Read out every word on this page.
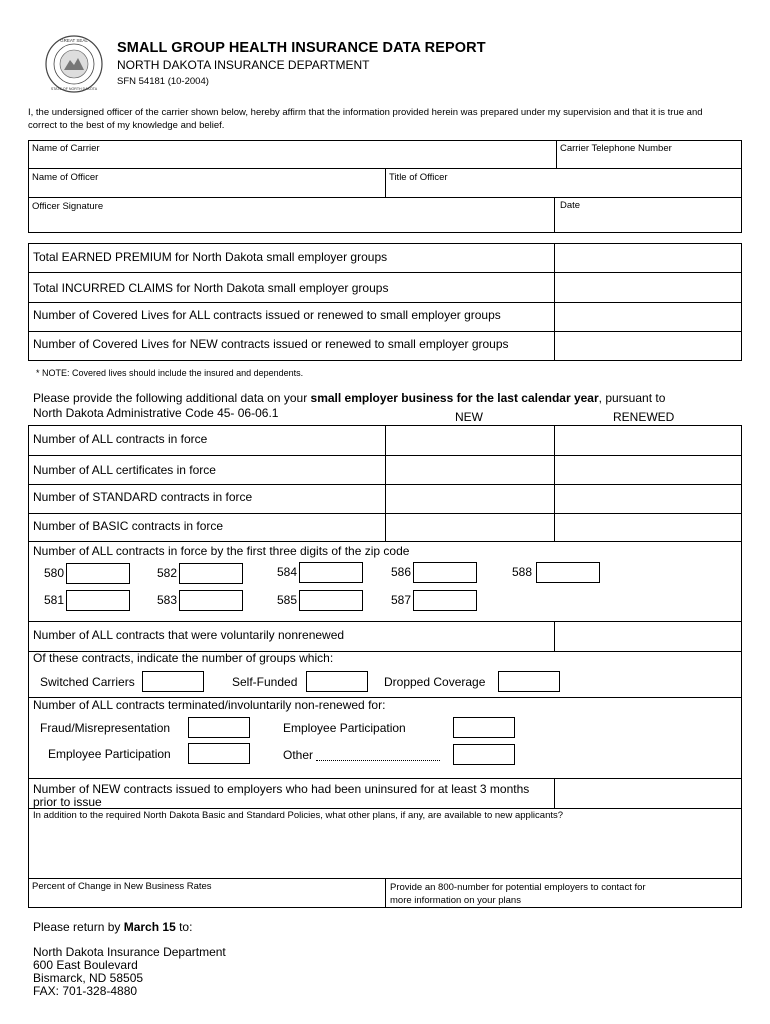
GREAT SEAL
STATE OF NORTH DAKOTA
SMALL GROUP HEALTH INSURANCE DATA REPORT
NORTH DAKOTA INSURANCE DEPARTMENT
SFN 54181 (10-2004)
I, the undersigned officer of the carrier shown below, hereby affirm that the information provided herein was prepared under my supervision and that it is true and correct to the best of my knowledge and belief.
Name of Carrier	Carrier Telephone Number
Name of Officer	Title of Officer
Officer Signature	Date
Total EARNED PREMIUM for North Dakota small employer groups
Total INCURRED CLAIMS for North Dakota small employer groups
Number of Covered Lives for ALL contracts issued or renewed to small employer groups
Number of Covered Lives for NEW contracts issued or renewed to small employer groups
* NOTE: Covered lives should include the insured and dependents.
Please provide the following additional data on your small employer business for the last calendar year, pursuant to
North Dakota Administrative Code 45- 06-06.1	NEW	RENEWED
Number of ALL contracts in force
Number of ALL certificates in force
Number of STANDARD contracts in force
Number of BASIC contracts in force
Number of ALL contracts in force by the first three digits of the zip code
580	582	584	586	588
581	583	585	587
Number of ALL contracts that were voluntarily nonrenewed
Of these contracts, indicate the number of groups which:
Switched Carriers	Self-Funded	Dropped Coverage
Number of ALL contracts terminated/involuntarily non-renewed for:
Fraud/Misrepresentation	Employee Participation
Employee Participation	Other
Number of NEW contracts issued to employers who had been uninsured for at least 3 months prior to issue
In addition to the required North Dakota Basic and Standard Policies, what other plans, if any, are available to new applicants?
Percent of Change in New Business Rates	Provide an 800-number for potential employers to contact for more information on your plans
Please return by March 15 to:
North Dakota Insurance Department
600 East Boulevard
Bismarck, ND 58505
FAX: 701-328-4880
